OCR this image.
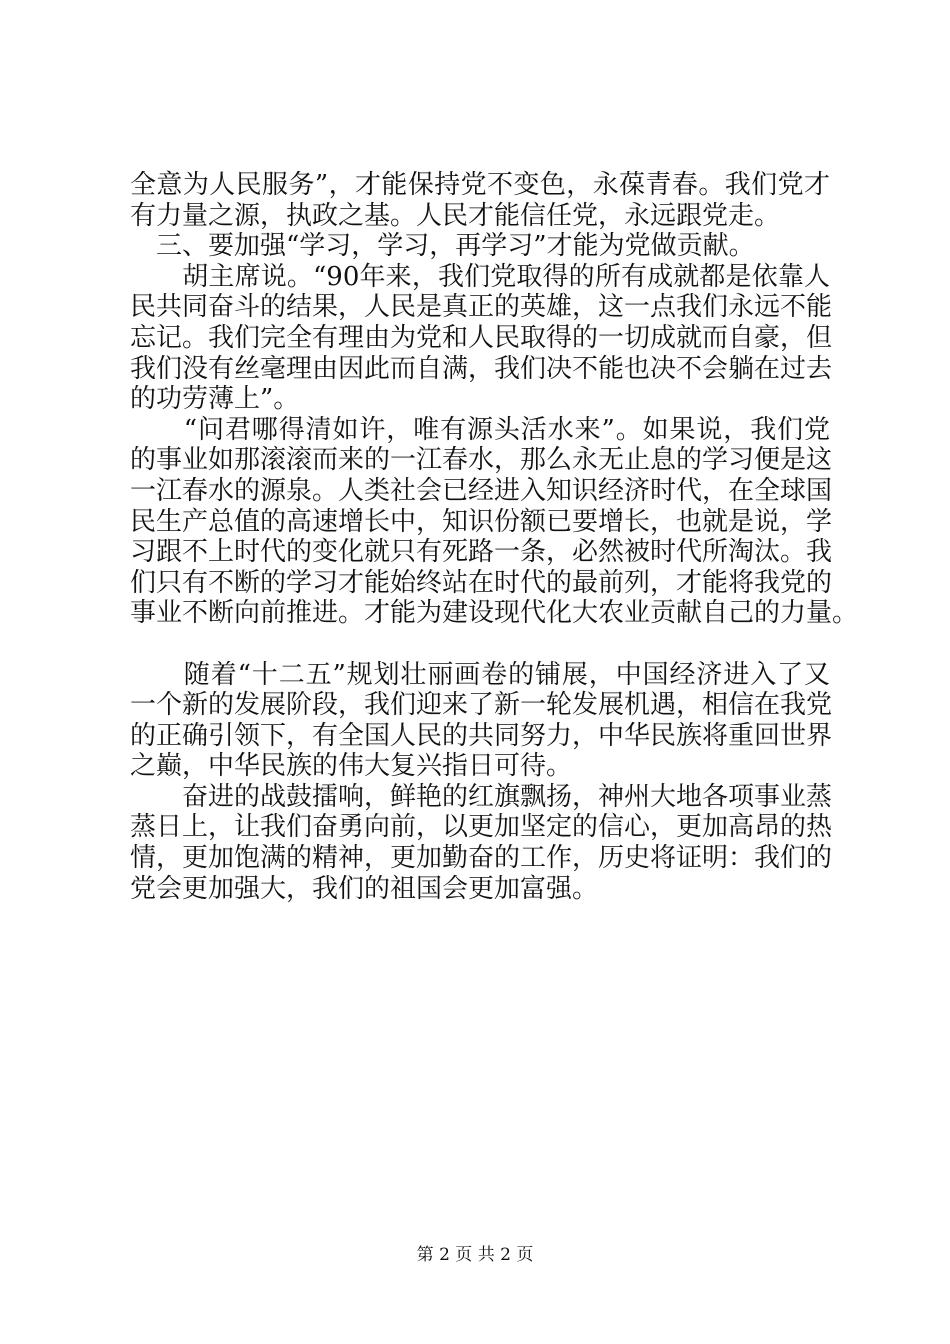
全意为人民服务”，才能保持党不变色，永葆青春。我们党才
有力量之源，执政之基。人民才能信任党，永远跟党走。
　三、要加强“学习，学习，再学习”才能为党做贡献。
　　胡主席说。“90年来，我们党取得的所有成就都是依靠人
民共同奋斗的结果，人民是真正的英雄，这一点我们永远不能
忘记。我们完全有理由为党和人民取得的一切成就而自豪，但
我们没有丝毫理由因此而自满，我们决不能也决不会躺在过去
的功劳薄上”。
　　“问君哪得清如许，唯有源头活水来”。如果说，我们党
的事业如那滚滚而来的一江春水，那么永无止息的学习便是这
一江春水的源泉。人类社会已经进入知识经济时代，在全球国
民生产总值的高速增长中，知识份额已要增长，也就是说，学
习跟不上时代的变化就只有死路一条，必然被时代所淘汰。我
们只有不断的学习才能始终站在时代的最前列，才能将我党的
事业不断向前推进。才能为建设现代化大农业贡献自己的力量。
　　随着“十二五”规划壮丽画卷的铺展，中国经济进入了又
一个新的发展阶段，我们迎来了新一轮发展机遇，相信在我党
的正确引领下，有全国人民的共同努力，中华民族将重回世界
之巅，中华民族的伟大复兴指日可待。
　　奋进的战鼓擂响，鲜艳的红旗飘扬，神州大地各项事业蒸
蒸日上，让我们奋勇向前，以更加坚定的信心，更加高昂的热
情，更加饱满的精神，更加勤奋的工作，历史将证明：我们的
党会更加强大，我们的祖国会更加富强。
第 2 页 共 2 页
